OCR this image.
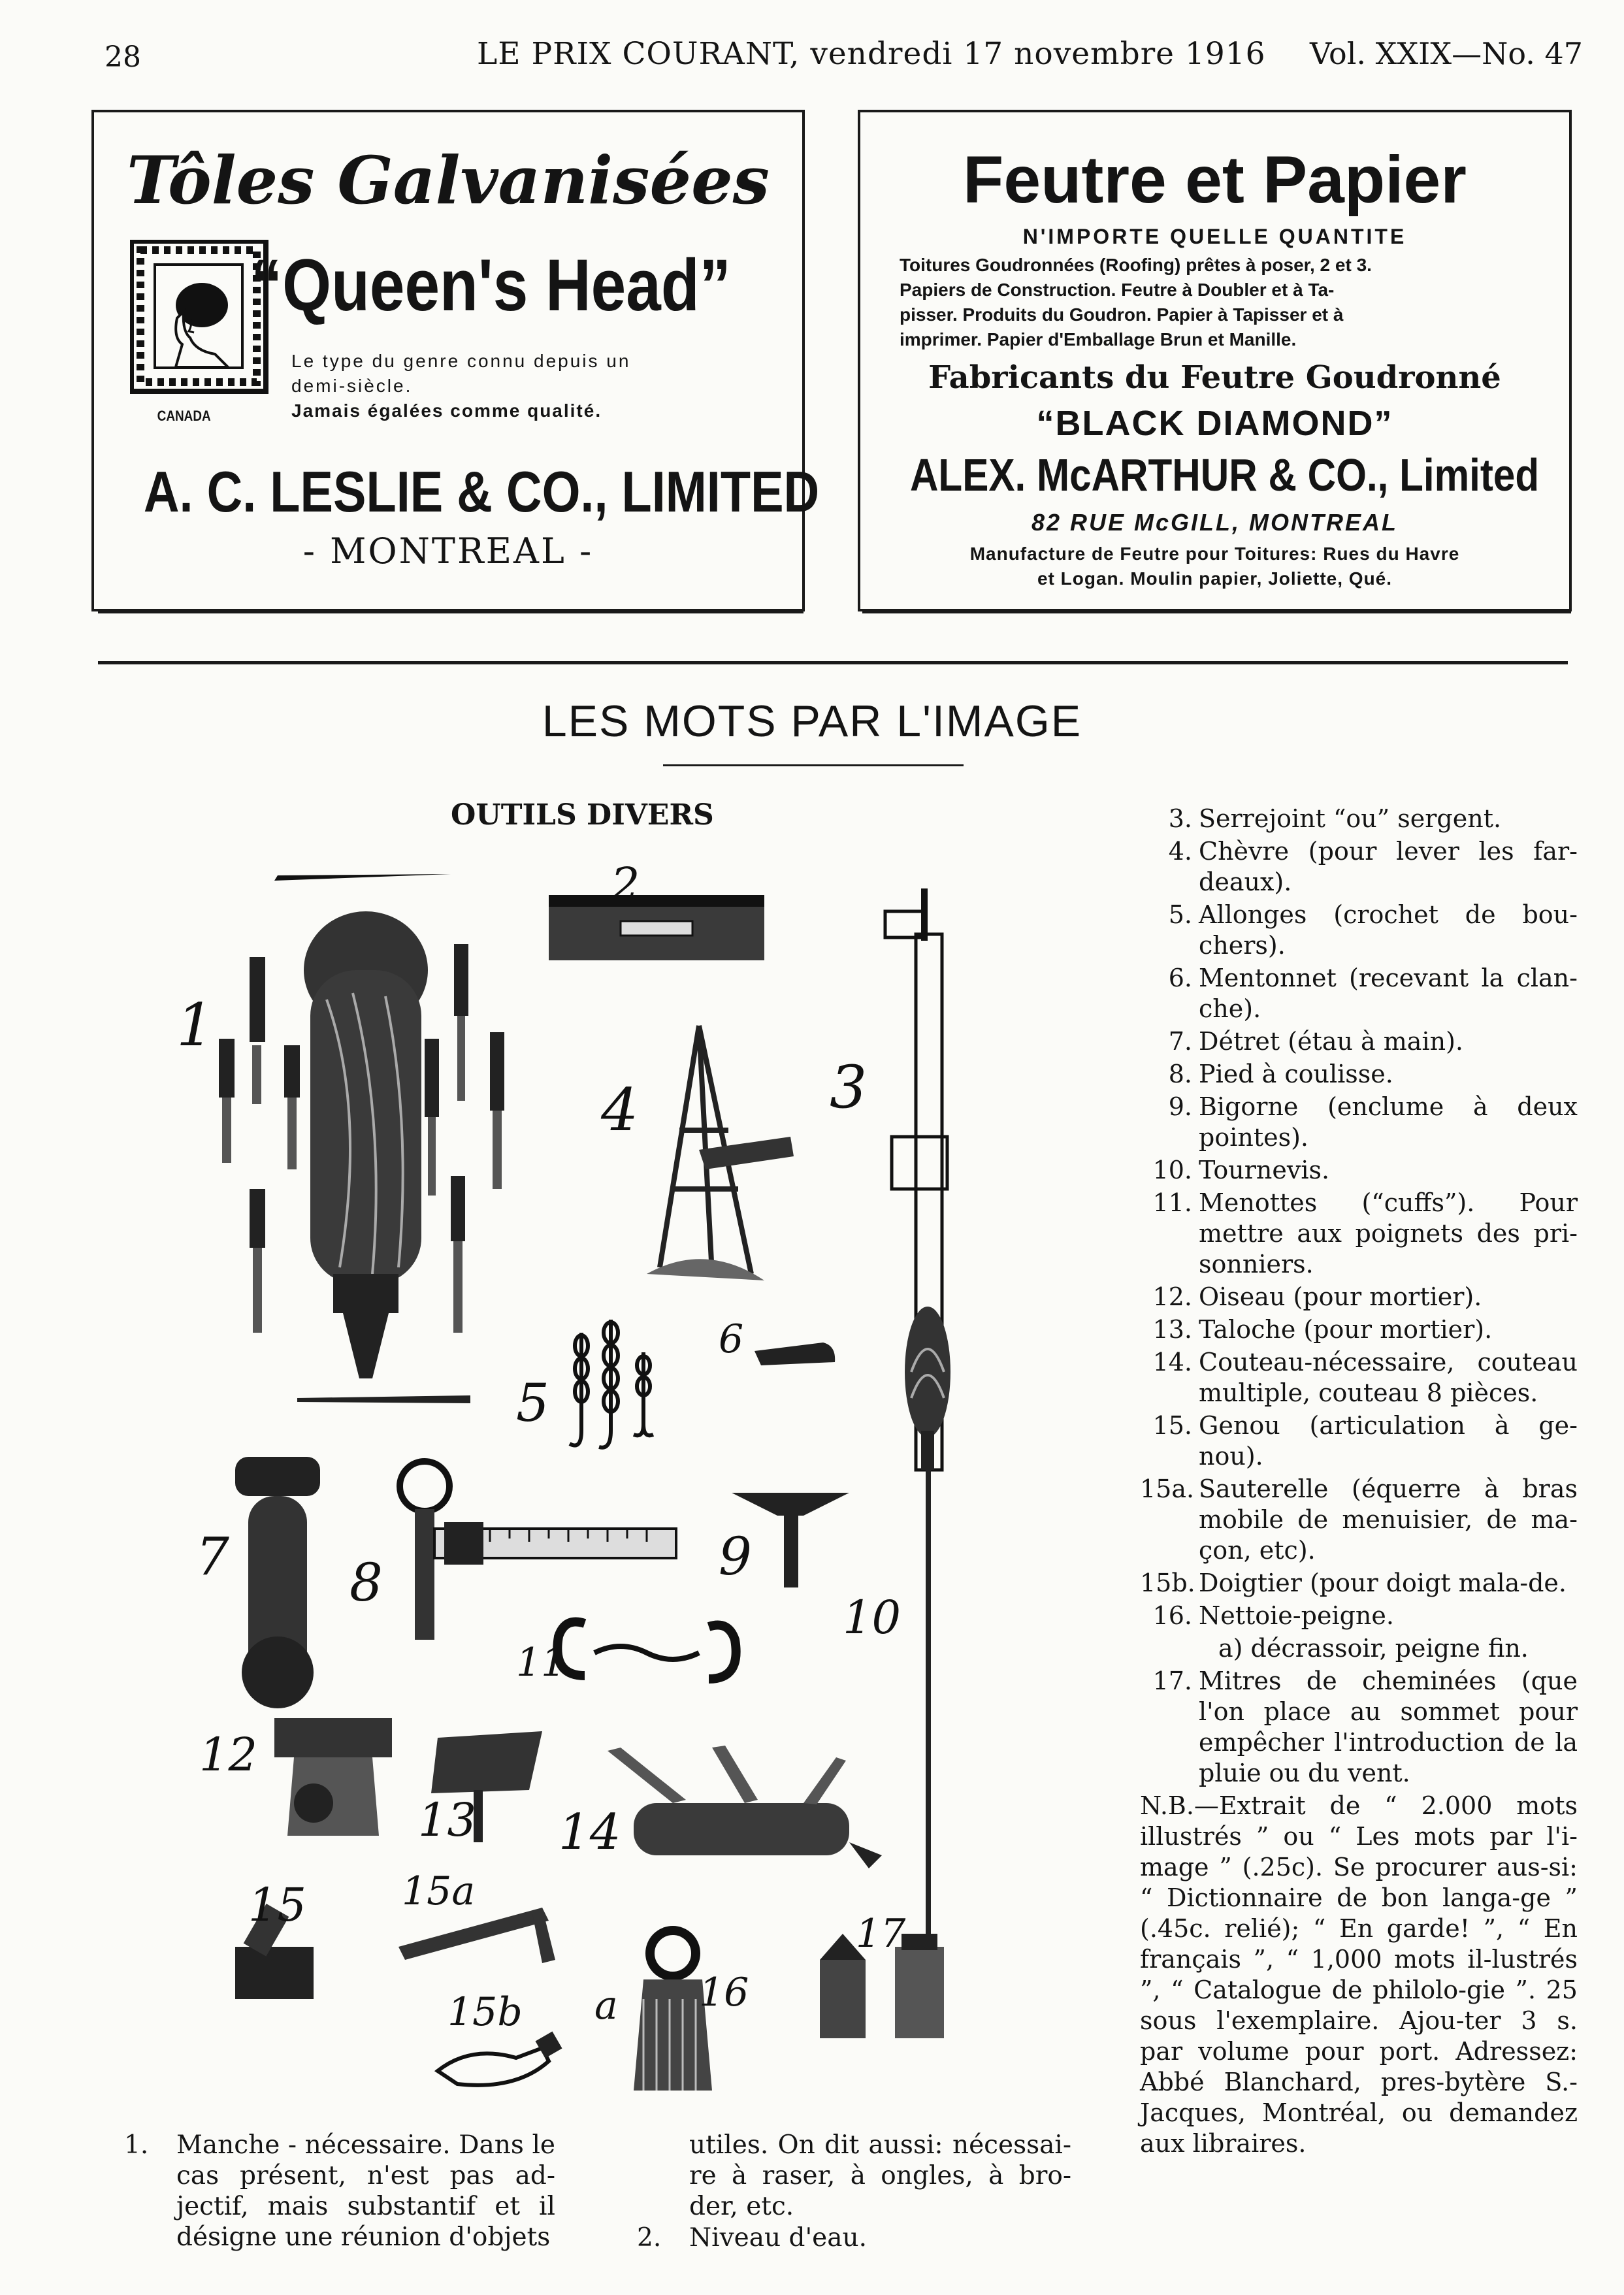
28	LE PRIX COURANT, vendredi 17 novembre 1916 Vol. XXIX—No. 47
Tôles Galvanisées
CANADA
“Queen's Head”
Le type du genre connu depuis un
demi-siècle.
Jamais égalées comme qualité.
A. C. LESLIE & CO., LIMITED
- MONTREAL -
Feutre et Papier
N'IMPORTE QUELLE QUANTITE
Toitures Goudronnées (Roofing) prêtes à poser, 2 et 3.
Papiers de Construction. Feutre à Doubler et à Ta-
pisser. Produits du Goudron. Papier à Tapisser et à
imprimer. Papier d'Emballage Brun et Manille.
Fabricants du Feutre Goudronné
“BLACK DIAMOND”
ALEX. McARTHUR & CO., Limited
82 RUE McGILL, MONTREAL
Manufacture de Feutre pour Toitures: Rues du Havre
et Logan. Moulin papier, Joliette, Qué.
LES MOTS PAR L'IMAGE
OUTILS DIVERS
1
2
3
4
5
6
7 8	9
10
11
12
13 14
15 15a
15b a 16
17
3. Serrejoint “ou” sergent.
4. Chèvre (pour lever les far-deaux).
5. Allonges (crochet de bou-chers).
6. Mentonnet (recevant la clan-che).
7. Détret (étau à main).
8. Pied à coulisse.
9. Bigorne (enclume à deux pointes).
10. Tournevis.
11. Menottes (“cuffs”). Pour mettre aux poignets des pri-sonniers.
12. Oiseau (pour mortier).
13. Taloche (pour mortier).
14. Couteau-nécessaire, couteau multiple, couteau 8 pièces.
15. Genou (articulation à ge-nou).
15a. Sauterelle (équerre à bras mobile de menuisier, de ma-çon, etc).
15b. Doigtier (pour doigt mala-de.
16. Nettoie-peigne.
a) décrassoir, peigne fin.
17. Mitres de cheminées (que l'on place au sommet pour empêcher l'introduction de la pluie ou du vent.
N.B.—Extrait de “ 2.000 mots illustrés ” ou “ Les mots par l'i-mage ” (.25c). Se procurer aus-si: “ Dictionnaire de bon langa-ge ” (.45c. relié); “ En garde! ”, “ En français ”, “ 1,000 mots il-lustrés ”, “ Catalogue de philolo-gie ”. 25 sous l'exemplaire. Ajou-ter 3 s. par volume pour port. Adressez: Abbé Blanchard, pres-bytère S.-Jacques, Montréal, ou demandez aux libraires.
1.	Manche - nécessaire. Dans le cas présent, n'est pas ad-jectif, mais substantif et il désigne une réunion d'objets
utiles. On dit aussi: nécessai-re à raser, à ongles, à bro-der, etc.
2.	Niveau d'eau.
